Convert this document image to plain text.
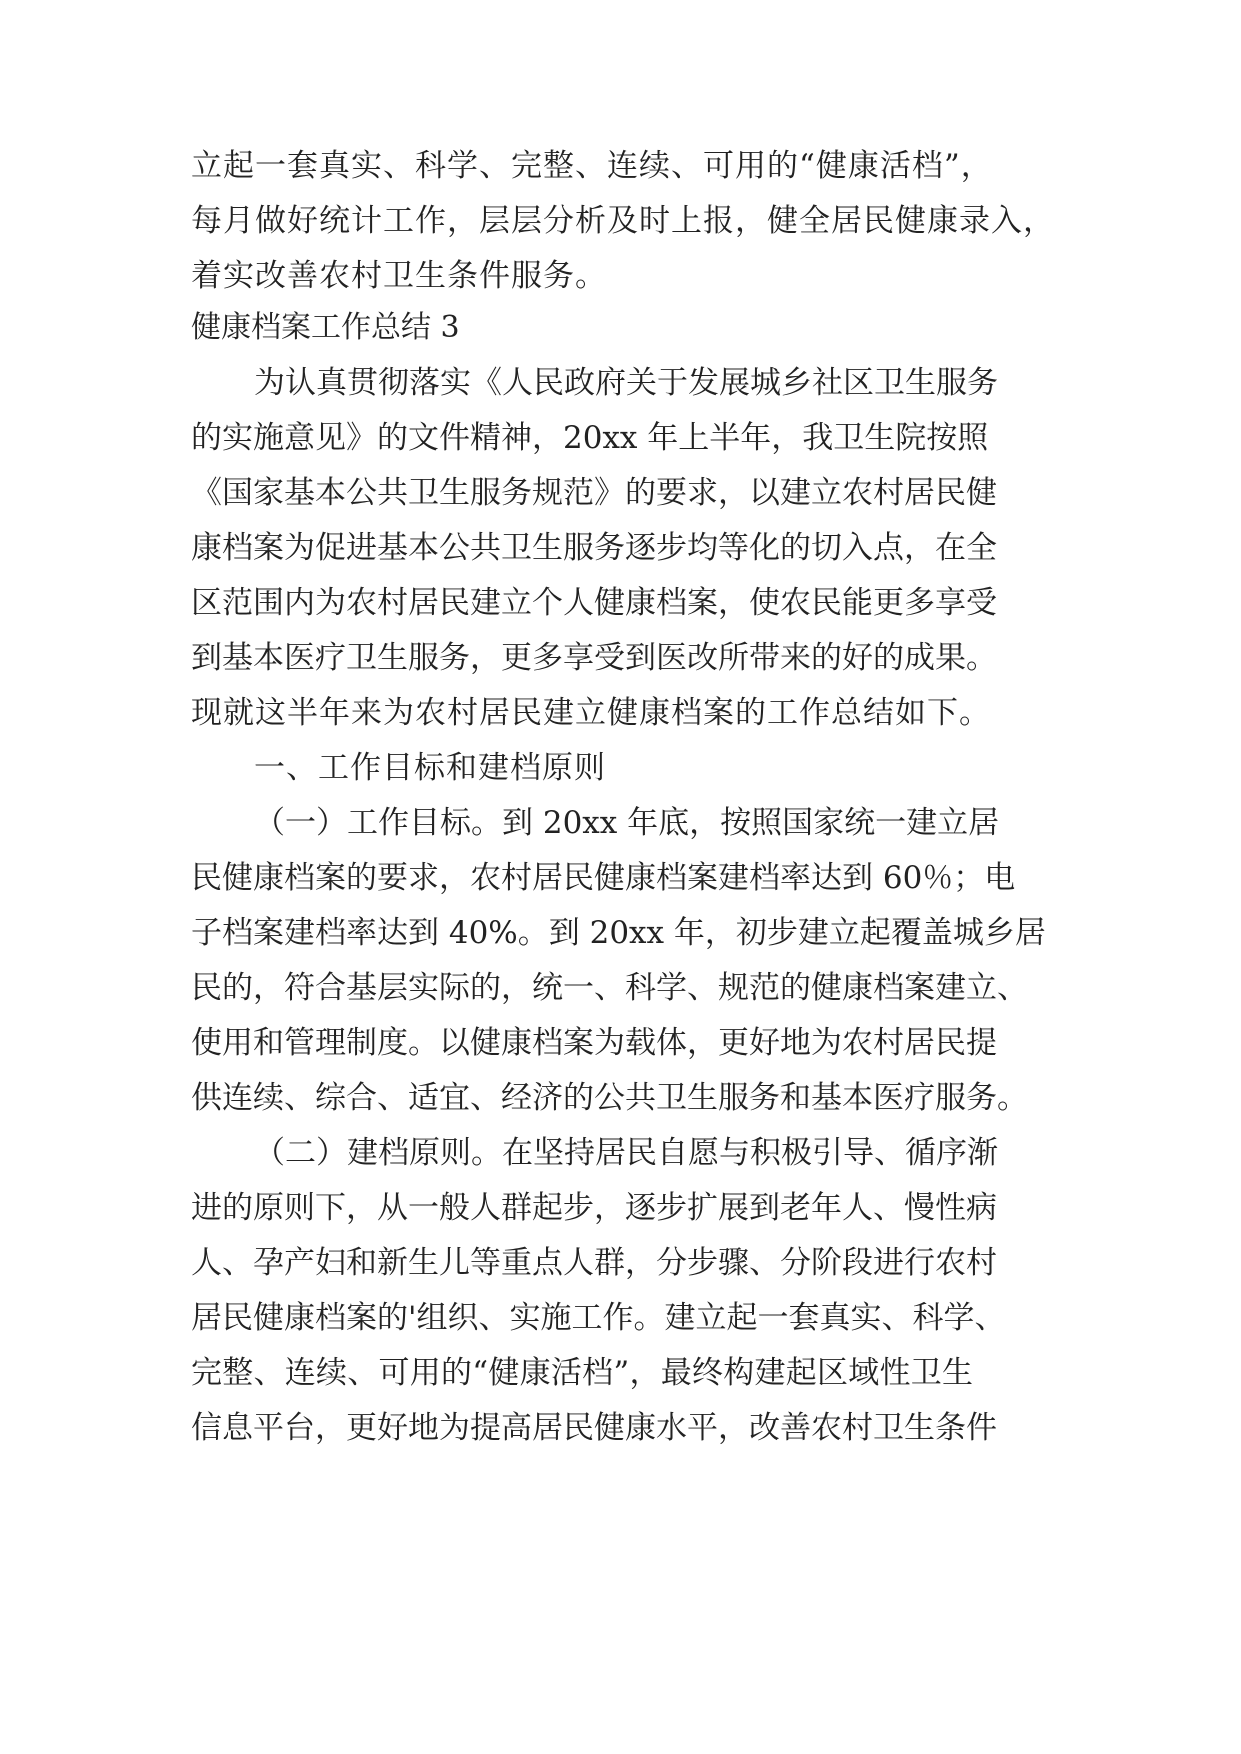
立起一套真实、科学、完整、连续、可用的“健康活档”，
每月做好统计工作，层层分析及时上报，健全居民健康录入，
着实改善农村卫生条件服务。
健康档案工作总结 3
为认真贯彻落实《人民政府关于发展城乡社区卫生服务
的实施意见》的文件精神，20xx 年上半年，我卫生院按照
《国家基本公共卫生服务规范》的要求，以建立农村居民健
康档案为促进基本公共卫生服务逐步均等化的切入点，在全
区范围内为农村居民建立个人健康档案，使农民能更多享受
到基本医疗卫生服务，更多享受到医改所带来的好的成果。
现就这半年来为农村居民建立健康档案的工作总结如下。
一、工作目标和建档原则
（一）工作目标。到 20xx 年底，按照国家统一建立居
民健康档案的要求，农村居民健康档案建档率达到 60％；电
子档案建档率达到 40%。到 20xx 年，初步建立起覆盖城乡居
民的，符合基层实际的，统一、科学、规范的健康档案建立、
使用和管理制度。以健康档案为载体，更好地为农村居民提
供连续、综合、适宜、经济的公共卫生服务和基本医疗服务。
（二）建档原则。在坚持居民自愿与积极引导、循序渐
进的原则下，从一般人群起步，逐步扩展到老年人、慢性病
人、孕产妇和新生儿等重点人群，分步骤、分阶段进行农村
居民健康档案的'组织、实施工作。建立起一套真实、科学、
完整、连续、可用的“健康活档”，最终构建起区域性卫生
信息平台，更好地为提高居民健康水平，改善农村卫生条件
